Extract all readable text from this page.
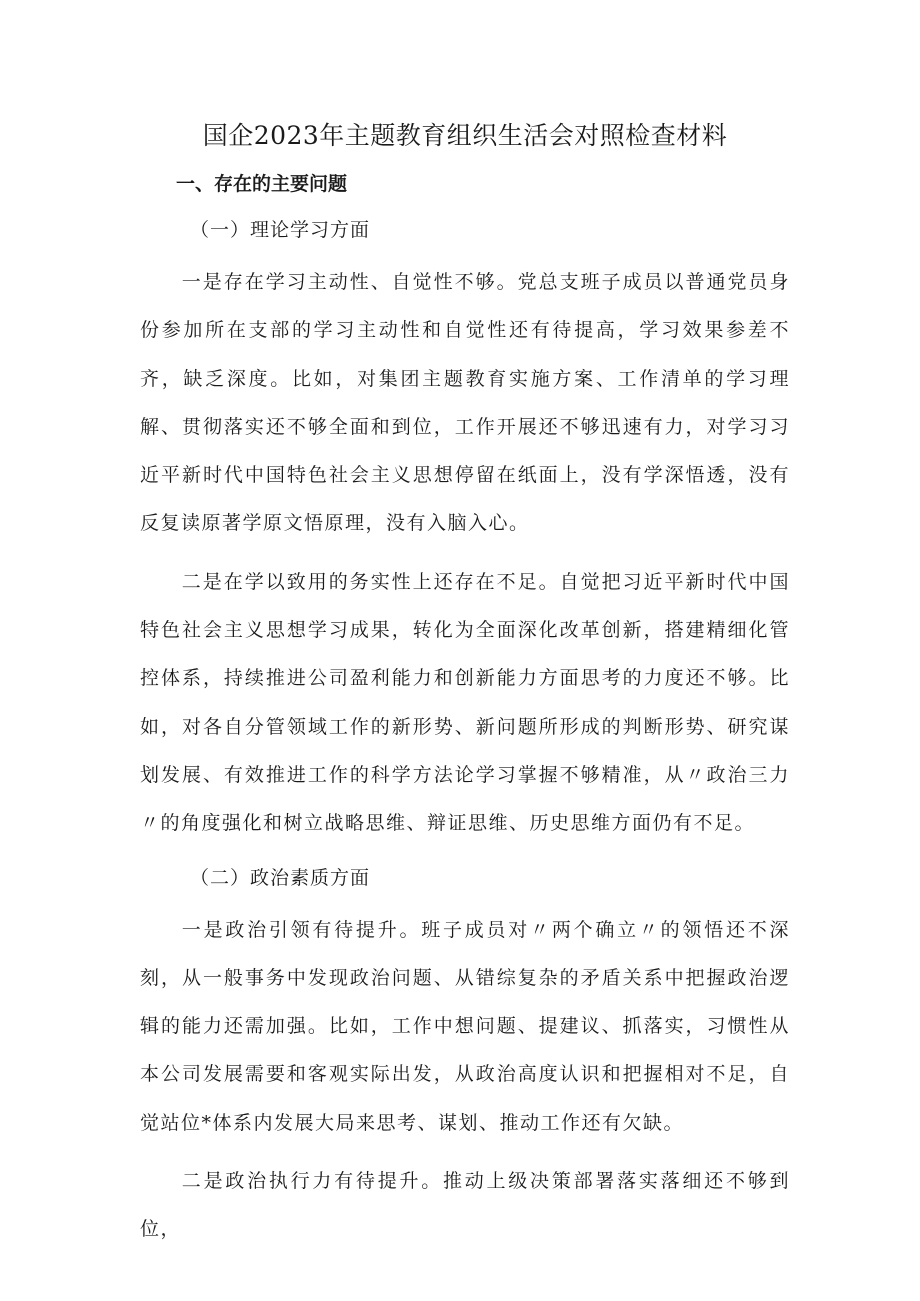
国企2023年主题教育组织生活会对照检查材料
一、存在的主要问题
（一）理论学习方面

一是存在学习主动性、自觉性不够。党总支班子成员以普通党员身份参加所在支部的学习主动性和自觉性还有待提高，学习效果参差不齐，缺乏深度。比如，对集团主题教育实施方案、工作清单的学习理解、贯彻落实还不够全面和到位，工作开展还不够迅速有力，对学习习近平新时代中国特色社会主义思想停留在纸面上，没有学深悟透，没有反复读原著学原文悟原理，没有入脑入心。

二是在学以致用的务实性上还存在不足。自觉把习近平新时代中国特色社会主义思想学习成果，转化为全面深化改革创新，搭建精细化管控体系，持续推进公司盈利能力和创新能力方面思考的力度还不够。比如，对各自分管领域工作的新形势、新问题所形成的判断形势、研究谋划发展、有效推进工作的科学方法论学习掌握不够精准，从〃政治三力〃的角度强化和树立战略思维、辩证思维、历史思维方面仍有不足。

（二）政治素质方面

一是政治引领有待提升。班子成员对〃两个确立〃的领悟还不深刻，从一般事务中发现政治问题、从错综复杂的矛盾关系中把握政治逻辑的能力还需加强。比如，工作中想问题、提建议、抓落实，习惯性从本公司发展需要和客观实际出发，从政治高度认识和把握相对不足，自觉站位*体系内发展大局来思考、谋划、推动工作还有欠缺。

二是政治执行力有待提升。推动上级决策部署落实落细还不够到位，
